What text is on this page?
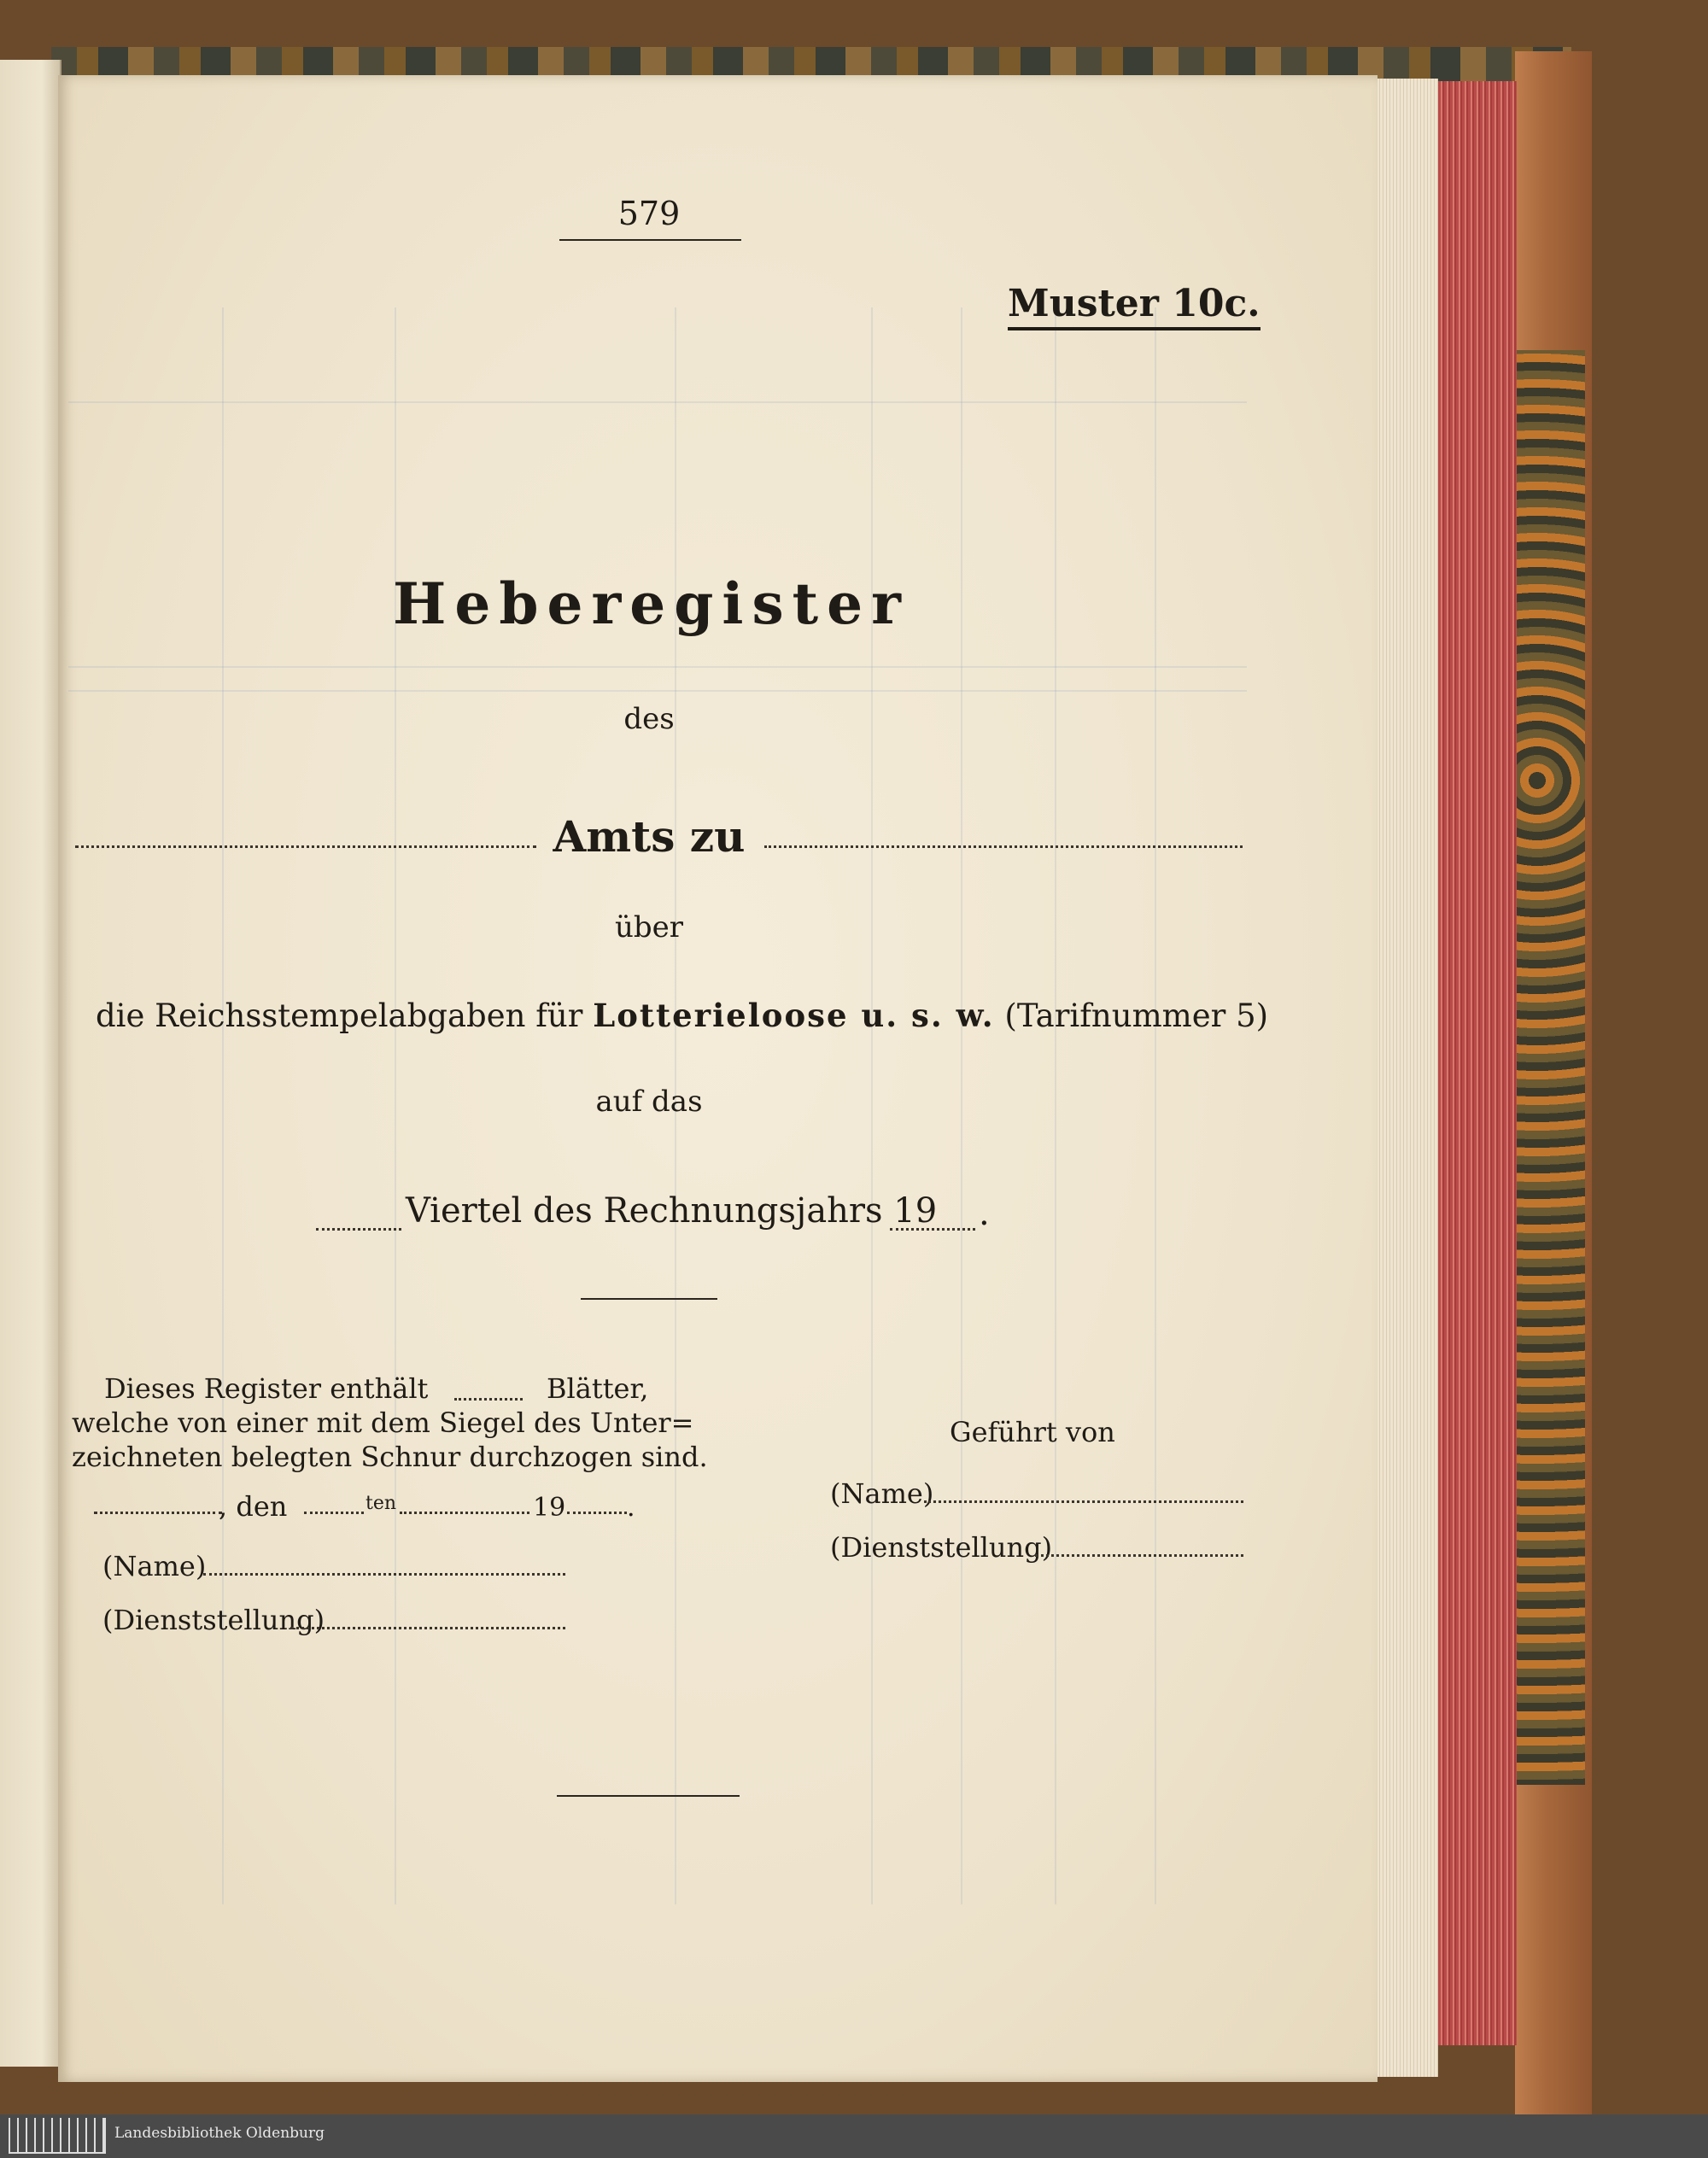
579
Muster 10c.
Heberegister
des
Amts zu
über
die Reichsstempelabgaben für Lotterieloose u. s. w. (Tarifnummer 5)
auf das
Viertel des Rechnungsjahrs 19 .
Dieses Register enthält	Blätter,
welche von einer mit dem Siegel des Unter=
zeichneten belegten Schnur durchzogen sind.
, den	ten	19 .
(Name)
(Dienststellung)
Geführt von
(Name)
(Dienststellung)
Landesbibliothek Oldenburg
